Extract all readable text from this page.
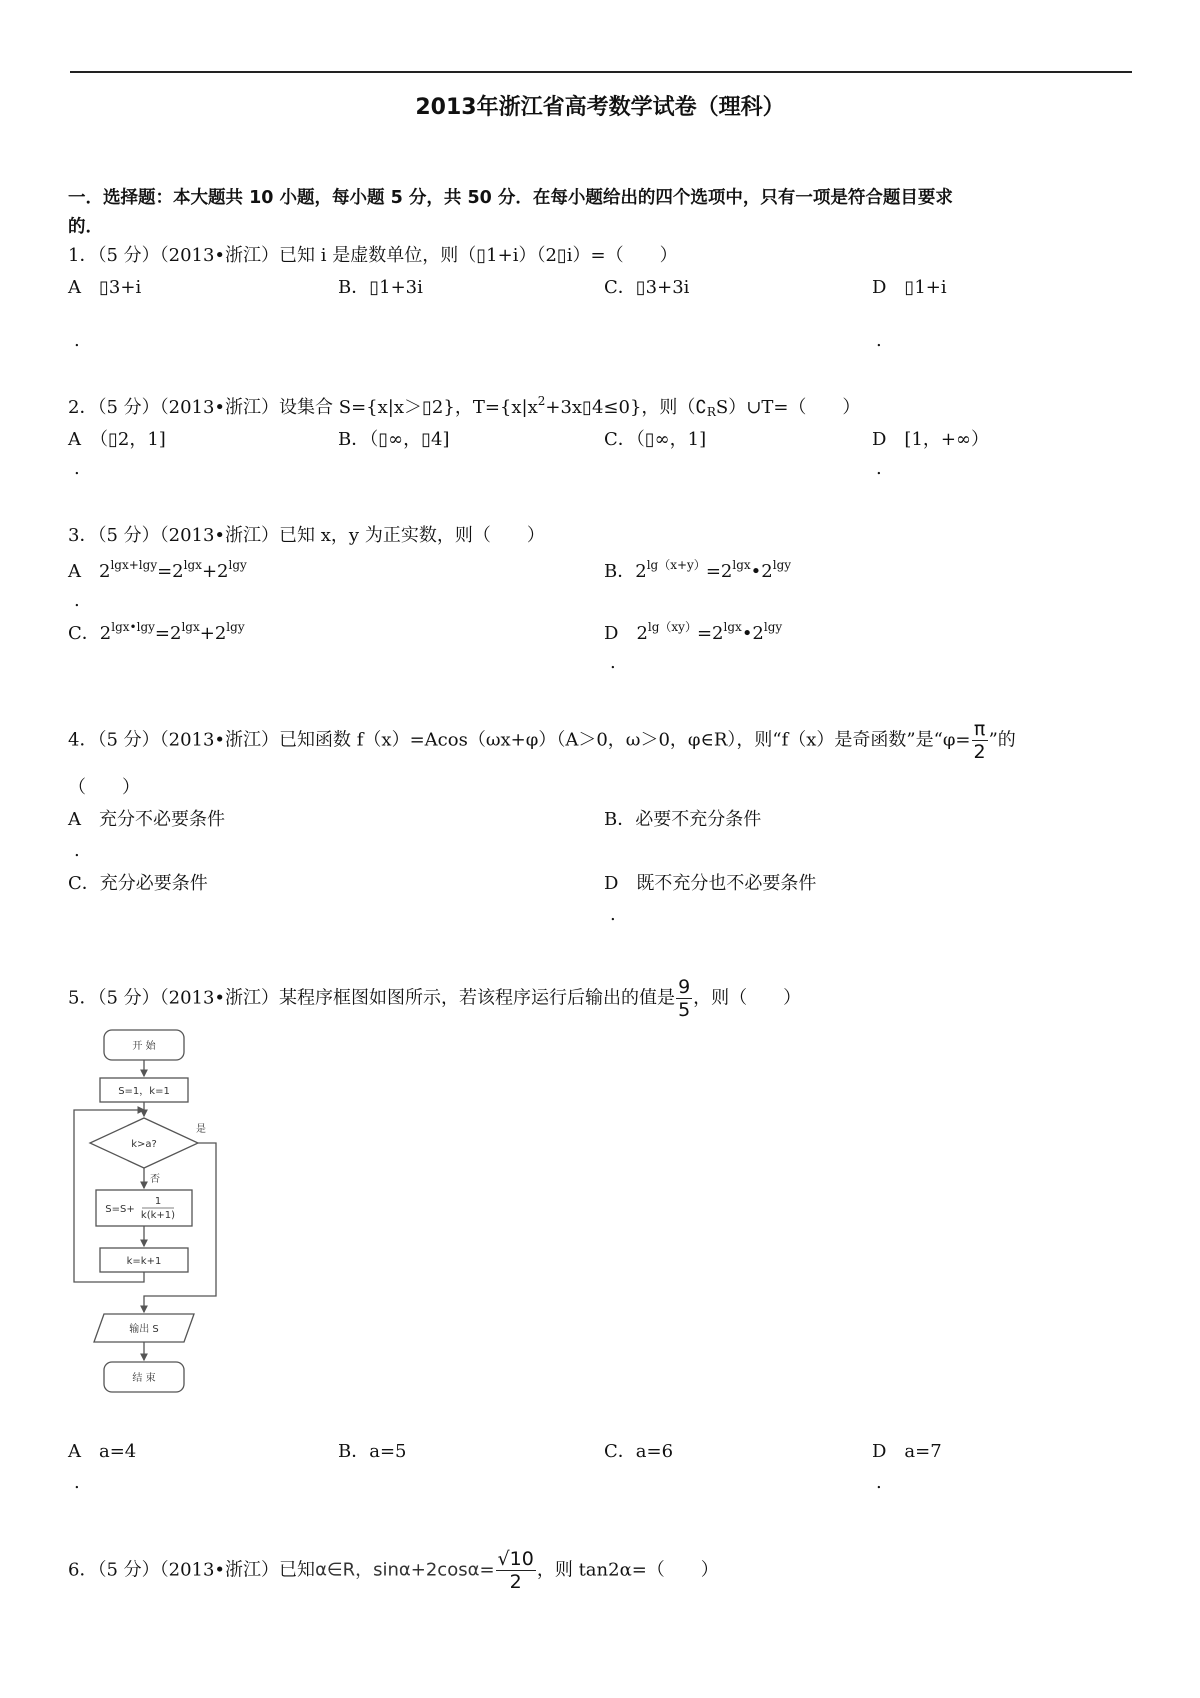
2013年浙江省高考数学试卷（理科）
一．选择题：本大题共 10 小题，每小题 5 分，共 50 分．在每小题给出的四个选项中，只有一项是符合题目要求
的．
1．（5 分）（2013•浙江）已知 i 是虚数单位，则（▯1+i）（2▯i）=（　　）
A　▯3+i	B．▯1+3i	C．▯3+3i	D　▯1+i
.	.
2．（5 分）（2013•浙江）设集合 S={x|x＞▯2}，$T=\{x|x^2+3x▯4\le 0\}$，则$(∁_RS)\cup T=$（　　）
A　（▯2，1]	B．（▯∞，▯4]	C．（▯∞，1]	D　[1，+∞）
.	.
3．（5 分）（2013•浙江）已知 x，y 为正实数，则（　　）
A　 $2^{lgx+lgy}=2^{lgx}+2^{lgy}$	B．$2^{lg(x+y)}=2^{lgx}•2^{lgy}$
.
C．$2^{lgx•lgy}=2^{lgx}+2^{lgy}$	D　 $2^{lg(xy)}=2^{lgx}•2^{lgy}$
.
4．（5 分）（2013•浙江）已知函数 f（x）=Acos（ωx+φ）（A＞0，ω＞0，φ∈R），则“f（x）是奇函数”是“$\varphi= \frac{\pi}{2}$ ”的
（　　）
A　充分不必要条件	B．必要不充分条件
.
C．充分必要条件	D　既不充分也不必要条件
.
5．（5 分）（2013•浙江）某程序框图如图所示，若该程序运行后输出的值是 $\frac{9}{5}$ ，则（　　）
开 始
S=1，k=1
k>a?
是
否
S=S+
1
k(k+1)
k=k+1
输出 S
结 束
A　a=4	B．a=5	C．a=6	D　a=7
.	.
6．（5 分）（2013•浙江）已知α∈R，$\sin\alpha+2\cos\alpha= \frac{√10}{2}$ ，则 tan2α=（　　）
